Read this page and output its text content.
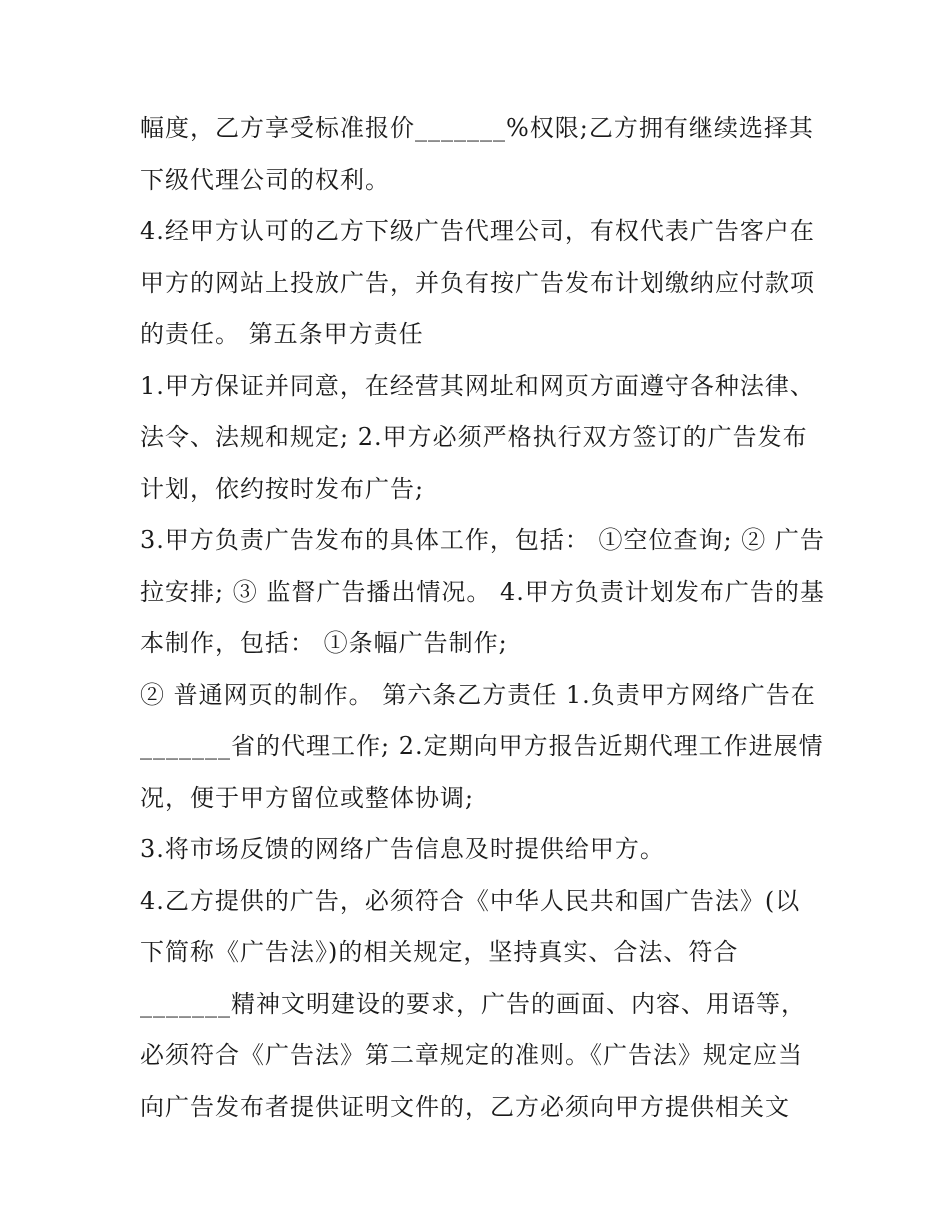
幅度，乙方享受标准报价_______%权限;乙方拥有继续选择其
下级代理公司的权利。
4.经甲方认可的乙方下级广告代理公司，有权代表广告客户在
甲方的网站上投放广告，并负有按广告发布计划缴纳应付款项
的责任。 第五条甲方责任
1.甲方保证并同意，在经营其网址和网页方面遵守各种法律、
法令、法规和规定; 2.甲方必须严格执行双方签订的广告发布
计划，依约按时发布广告;
3.甲方负责广告发布的具体工作，包括： ①空位查询; ② 广告
拉安排; ③ 监督广告播出情况。 4.甲方负责计划发布广告的基
本制作，包括： ①条幅广告制作;
② 普通网页的制作。 第六条乙方责任 1.负责甲方网络广告在
_______省的代理工作; 2.定期向甲方报告近期代理工作进展情
况，便于甲方留位或整体协调;
3.将市场反馈的网络广告信息及时提供给甲方。
4.乙方提供的广告，必须符合《中华人民共和国广告法》(以
下简称《广告法》)的相关规定，坚持真实、合法、符合
_______精神文明建设的要求，广告的画面、内容、用语等，
必须符合《广告法》第二章规定的准则。《广告法》规定应当
向广告发布者提供证明文件的，乙方必须向甲方提供相关文
